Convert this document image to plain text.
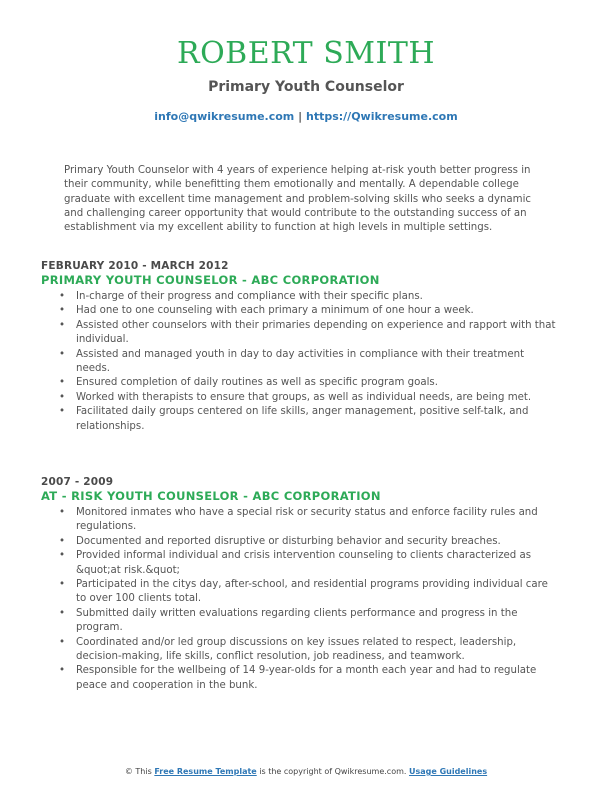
ROBERT SMITH
Primary Youth Counselor
info@qwikresume.com | https://Qwikresume.com

Primary Youth Counselor with 4 years of experience helping at-risk youth better progress in their community, while benefitting them emotionally and mentally. A dependable college graduate with excellent time management and problem-solving skills who seeks a dynamic and challenging career opportunity that would contribute to the outstanding success of an establishment via my excellent ability to function at high levels in multiple settings.

FEBRUARY 2010 - MARCH 2012
PRIMARY YOUTH COUNSELOR - ABC CORPORATION
• In-charge of their progress and compliance with their specific plans.
• Had one to one counseling with each primary a minimum of one hour a week.
• Assisted other counselors with their primaries depending on experience and rapport with that individual.
• Assisted and managed youth in day to day activities in compliance with their treatment needs.
• Ensured completion of daily routines as well as specific program goals.
• Worked with therapists to ensure that groups, as well as individual needs, are being met.
• Facilitated daily groups centered on life skills, anger management, positive self-talk, and relationships.
2007 - 2009
AT - RISK YOUTH COUNSELOR - ABC CORPORATION
• Monitored inmates who have a special risk or security status and enforce facility rules and regulations.
• Documented and reported disruptive or disturbing behavior and security breaches.
• Provided informal individual and crisis intervention counseling to clients characterized as &quot;at risk.&quot;
• Participated in the citys day, after-school, and residential programs providing individual care to over 100 clients total.
• Submitted daily written evaluations regarding clients performance and progress in the program.
• Coordinated and/or led group discussions on key issues related to respect, leadership, decision-making, life skills, conflict resolution, job readiness, and teamwork.
• Responsible for the wellbeing of 14 9-year-olds for a month each year and had to regulate peace and cooperation in the bunk.
© This Free Resume Template is the copyright of Qwikresume.com. Usage Guidelines
